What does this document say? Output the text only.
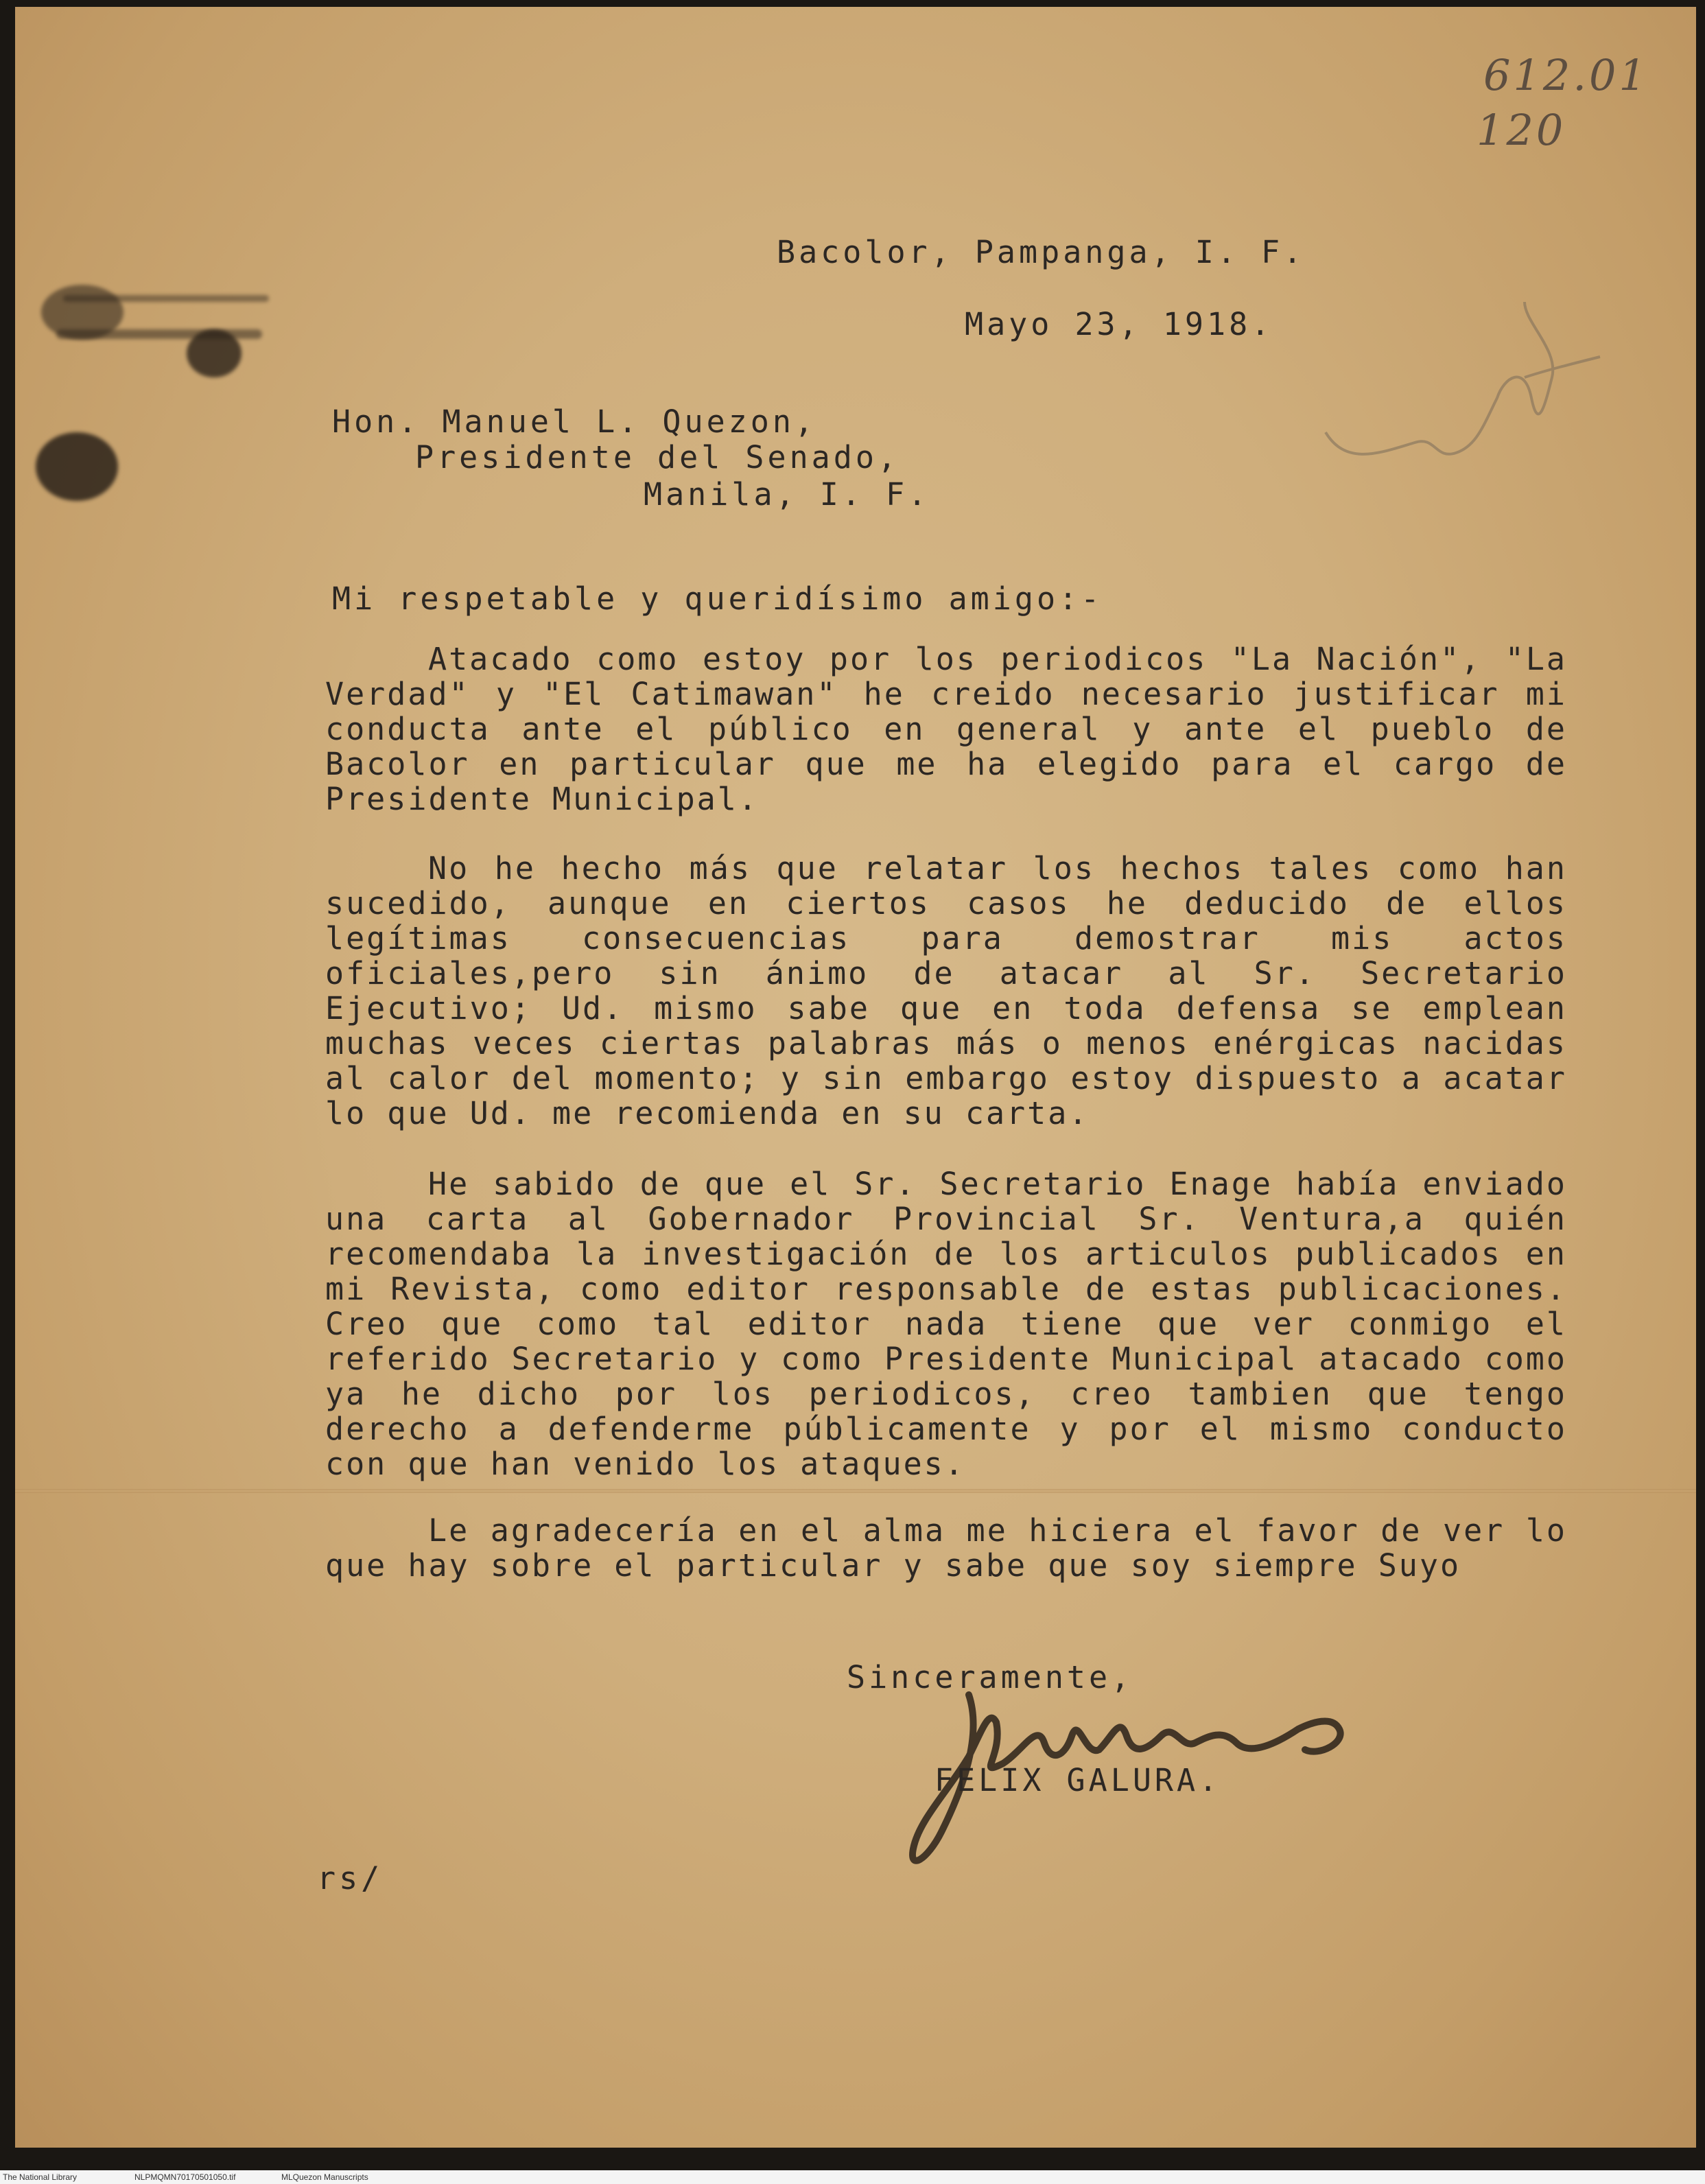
612.01
120
Bacolor, Pampanga, I. F.
Mayo 23, 1918.
Hon. Manuel L. Quezon,
Presidente del Senado,
Manila, I. F.
Mi respetable y queridísimo amigo:-

Atacado como estoy por los periodicos "La Nación", "La Verdad" y "El Catimawan" he creido necesario justificar mi conducta ante el público en general y ante el pueblo de Bacolor en particular que me ha elegido para el cargo de Presidente Municipal.

No he hecho más que relatar los hechos tales como han sucedido, aunque en ciertos casos he deducido de ellos legítimas consecuencias para demostrar mis actos oficiales,pero sin ánimo de atacar al Sr. Secretario Ejecutivo; Ud. mismo sabe que en toda defensa se emplean muchas veces ciertas palabras más o menos enérgicas nacidas al calor del momento; y sin embargo estoy dispuesto a acatar lo que Ud. me recomienda en su carta.

He sabido de que el Sr. Secretario Enage había enviado una carta al Gobernador Provincial Sr. Ventura,a quién recomendaba la investigación de los articulos publicados en mi Revista, como editor responsable de estas publicaciones. Creo que como tal editor nada tiene que ver conmigo el referido Secretario y como Presidente Municipal atacado como ya he dicho por los periodicos, creo tambien que tengo derecho a defenderme públicamente y por el mismo conducto con que han venido los ataques.

Le agradecería en el alma me hiciera el favor de ver lo que hay sobre el particular y sabe que soy siempre Suyo

Sinceramente,
FELIX GALURA.
rs/
The National Library	NLPMQMN70170501050.tif	MLQuezon Manuscripts
